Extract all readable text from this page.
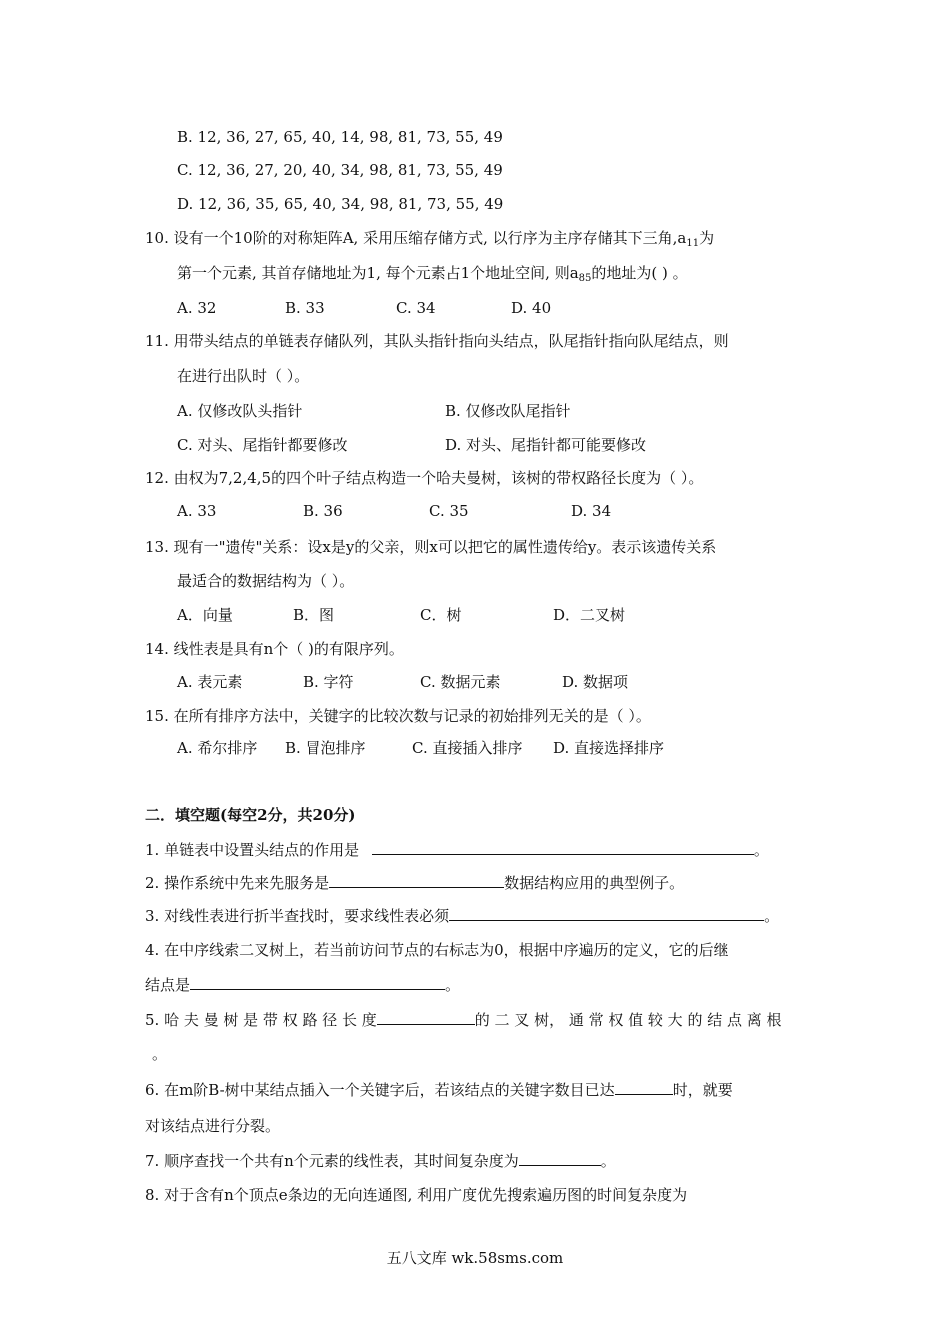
B. 12, 36, 27, 65, 40, 14, 98, 81, 73, 55, 49
C. 12, 36, 27, 20, 40, 34, 98, 81, 73, 55, 49
D. 12, 36, 35, 65, 40, 34, 98, 81, 73, 55, 49
10. 设有一个10阶的对称矩阵A, 采用压缩存储方式, 以行序为主序存储其下三角$,a_{11}$为
第一个元素, 其首存储地址为1, 每个元素占1个地址空间, 则$a_{85}$的地址为( ) 。
A. 32	B. 33	C. 34	D. 40
11. 用带头结点的单链表存储队列，其队头指针指向头结点，队尾指针指向队尾结点，则
在进行出队时（ ）。
A. 仅修改队头指针	B. 仅修改队尾指针
C. 对头、尾指针都要修改	D. 对头、尾指针都可能要修改
12. 由权为7,2,4,5的四个叶子结点构造一个哈夫曼树，该树的带权路径长度为（ ）。
A. 33	B. 36	C. 35	D. 34
13. 现有一"遗传"关系：设x是y的父亲，则x可以把它的属性遗传给y。表示该遗传关系
最适合的数据结构为（ ）。
A．向量	B．图	C．树	D．二叉树
14. 线性表是具有n个（ )的有限序列。
A. 表元素	B. 字符	C. 数据元素	D. 数据项
15. 在所有排序方法中，关键字的比较次数与记录的初始排列无关的是（ ）。
A. 希尔排序 B. 冒泡排序	C. 直接插入排序 D. 直接选择排序
二．填空题(每空2分，共20分)
1. 单链表中设置头结点的作用是	。
2. 操作系统中先来先服务是	数据结构应用的典型例子。
3. 对线性表进行折半查找时，要求线性表必须	。
4. 在中序线索二叉树上，若当前访问节点的右标志为0，根据中序遍历的定义，它的后继
结点是	。
5. 哈 夫 曼 树 是 带 权 路 径 长 度	的 二 叉 树， 通 常 权 值 较 大 的 结 点 离 根
。
6. 在m阶B-树中某结点插入一个关键字后，若该结点的关键字数目已达	时，就要
对该结点进行分裂。
7. 顺序查找一个共有n个元素的线性表，其时间复杂度为	。
8. 对于含有n个顶点e条边的无向连通图, 利用广度优先搜索遍历图的时间复杂度为
五八文库 wk.58sms.com
